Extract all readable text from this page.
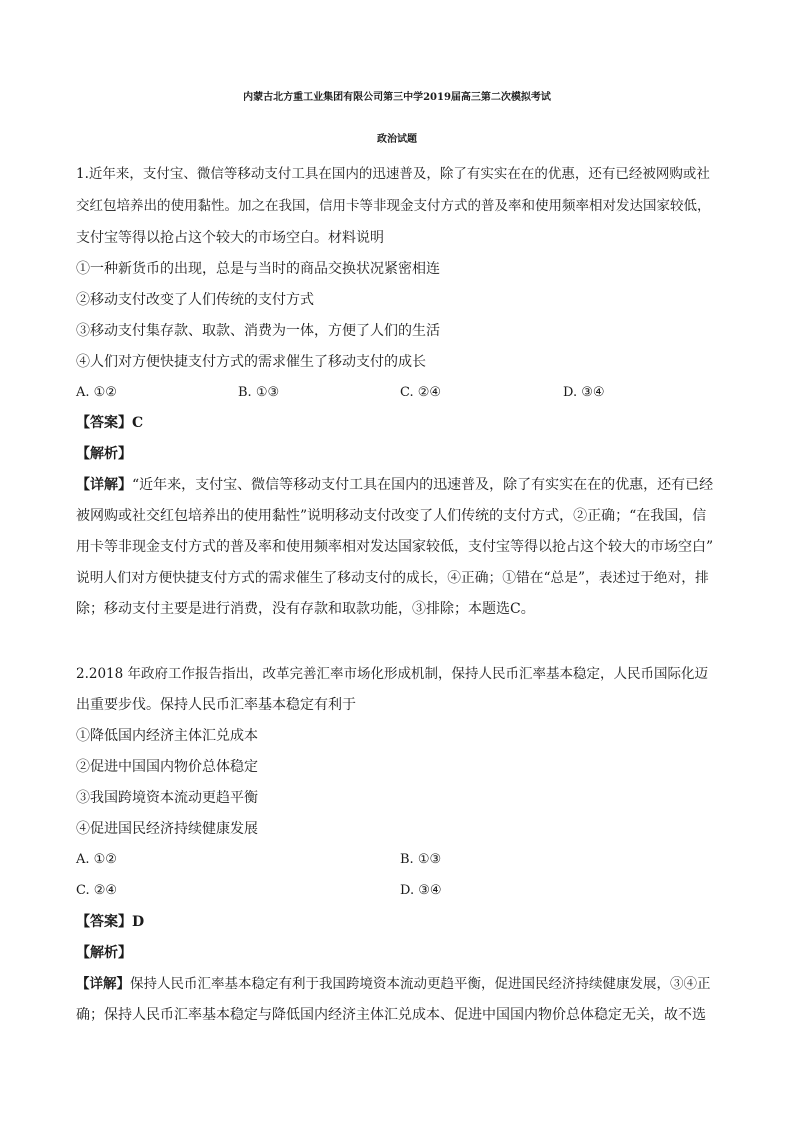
内蒙古北方重工业集团有限公司第三中学2019届高三第二次模拟考试
政治试题
1.近年来，支付宝、微信等移动支付工具在国内的迅速普及，除了有实实在在的优惠，还有已经被网购或社
交红包培养出的使用黏性。加之在我国，信用卡等非现金支付方式的普及率和使用频率相对发达国家较低，
支付宝等得以抢占这个较大的市场空白。材料说明
①一种新货币的出现，总是与当时的商品交换状况紧密相连
②移动支付改变了人们传统的支付方式
③移动支付集存款、取款、消费为一体，方便了人们的生活
④人们对方便快捷支付方式的需求催生了移动支付的成长
A. ①②	B. ①③	C. ②④	D. ③④
【答案】C
【解析】
【详解】“近年来，支付宝、微信等移动支付工具在国内的迅速普及，除了有实实在在的优惠，还有已经
被网购或社交红包培养出的使用黏性”说明移动支付改变了人们传统的支付方式，②正确；“在我国，信
用卡等非现金支付方式的普及率和使用频率相对发达国家较低，支付宝等得以抢占这个较大的市场空白”
说明人们对方便快捷支付方式的需求催生了移动支付的成长，④正确；①错在“总是”，表述过于绝对，排
除；移动支付主要是进行消费，没有存款和取款功能，③排除；本题选C。
2.2018 年政府工作报告指出，改革完善汇率市场化形成机制，保持人民币汇率基本稳定，人民币国际化迈
出重要步伐。保持人民币汇率基本稳定有利于
①降低国内经济主体汇兑成本
②促进中国国内物价总体稳定
③我国跨境资本流动更趋平衡
④促进国民经济持续健康发展
A. ①②	B. ①③
C. ②④	D. ③④
【答案】D
【解析】
【详解】保持人民币汇率基本稳定有利于我国跨境资本流动更趋平衡，促进国民经济持续健康发展，③④正
确；保持人民币汇率基本稳定与降低国内经济主体汇兑成本、促进中国国内物价总体稳定无关，故不选
